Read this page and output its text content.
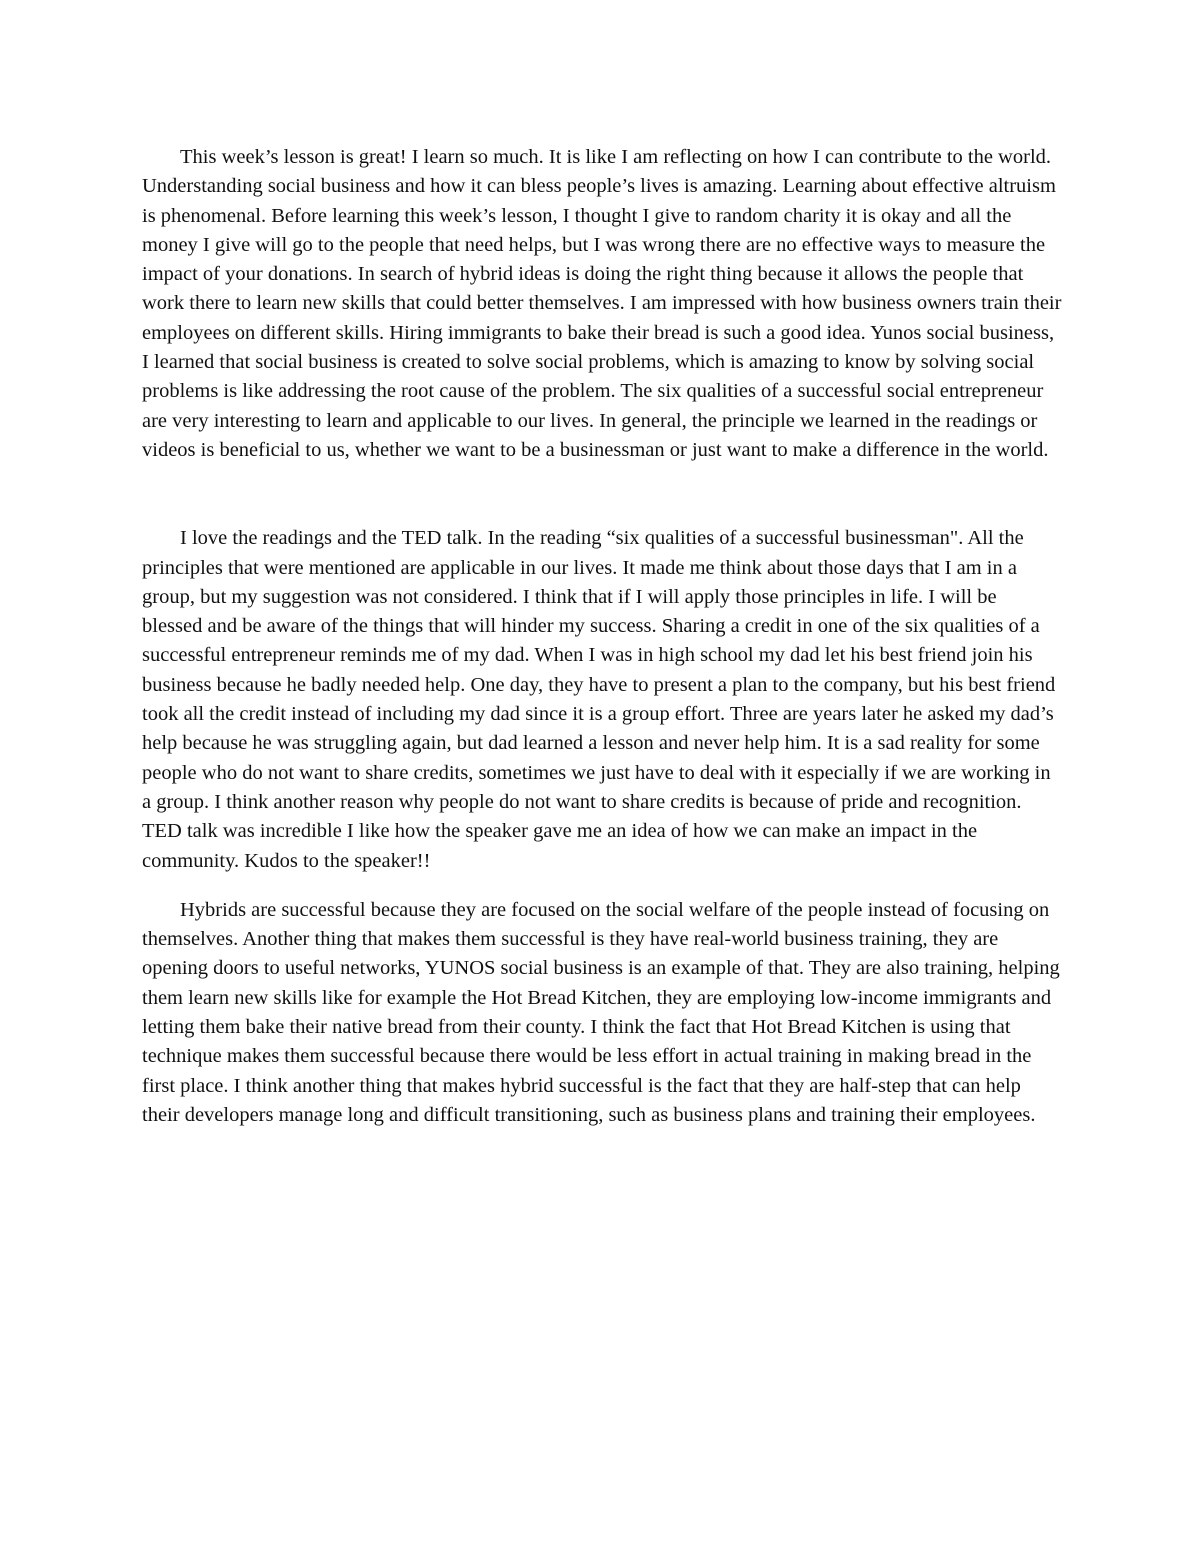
This week’s lesson is great! I learn so much. It is like I am reflecting on how I can contribute to the world. Understanding social business and how it can bless people’s lives is amazing. Learning about effective altruism is phenomenal. Before learning this week’s lesson, I thought I give to random charity it is okay and all the money I give will go to the people that need helps, but I was wrong there are no effective ways to measure the impact of your donations. In search of hybrid ideas is doing the right thing because it allows the people that work there to learn new skills that could better themselves. I am impressed with how business owners train their employees on different skills. Hiring immigrants to bake their bread is such a good idea. Yunos social business, I learned that social business is created to solve social problems, which is amazing to know by solving social problems is like addressing the root cause of the problem. The six qualities of a successful social entrepreneur are very interesting to learn and applicable to our lives. In general, the principle we learned in the readings or videos is beneficial to us, whether we want to be a businessman or just want to make a difference in the world.

I love the readings and the TED talk. In the reading “six qualities of a successful businessman". All the principles that were mentioned are applicable in our lives. It made me think about those days that I am in a group, but my suggestion was not considered. I think that if I will apply those principles in life. I will be blessed and be aware of the things that will hinder my success. Sharing a credit in one of the six qualities of a successful entrepreneur reminds me of my dad. When I was in high school my dad let his best friend join his business because he badly needed help. One day, they have to present a plan to the company, but his best friend took all the credit instead of including my dad since it is a group effort. Three are years later he asked my dad’s help because he was struggling again, but dad learned a lesson and never help him. It is a sad reality for some people who do not want to share credits, sometimes we just have to deal with it especially if we are working in a group. I think another reason why people do not want to share credits is because of pride and recognition. TED talk was incredible I like how the speaker gave me an idea of how we can make an impact in the community. Kudos to the speaker!!

Hybrids are successful because they are focused on the social welfare of the people instead of focusing on themselves. Another thing that makes them successful is they have real-world business training, they are opening doors to useful networks, YUNOS social business is an example of that. They are also training, helping them learn new skills like for example the Hot Bread Kitchen, they are employing low-income immigrants and letting them bake their native bread from their county. I think the fact that Hot Bread Kitchen is using that technique makes them successful because there would be less effort in actual training in making bread in the first place. I think another thing that makes hybrid successful is the fact that they are half-step that can help their developers manage long and difficult transitioning, such as business plans and training their employees.
